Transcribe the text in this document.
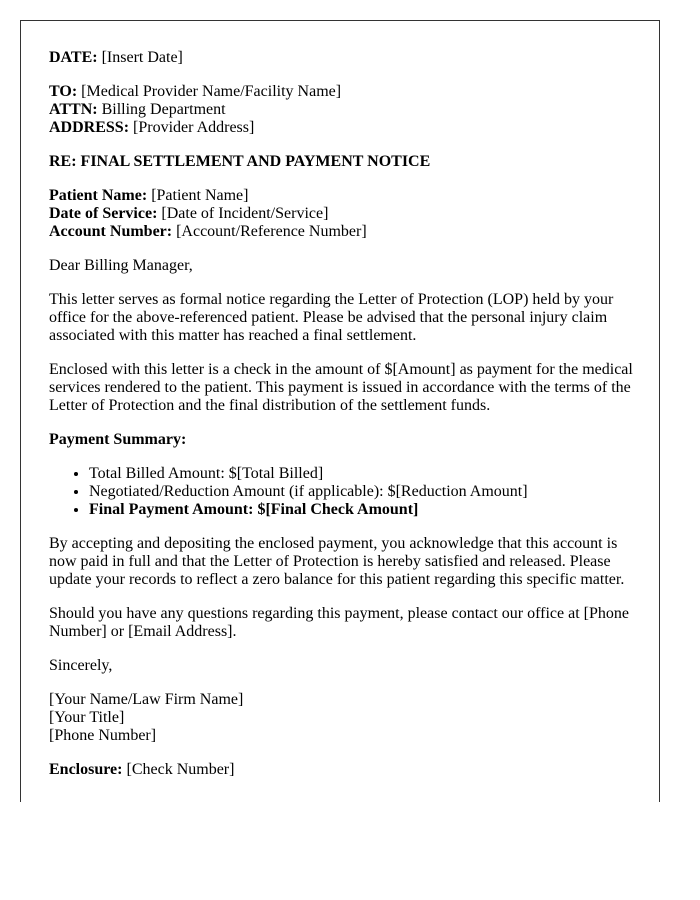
DATE: [Insert Date]

TO: [Medical Provider Name/Facility Name]
ATTN: Billing Department
ADDRESS: [Provider Address]

RE: FINAL SETTLEMENT AND PAYMENT NOTICE

Patient Name: [Patient Name]
Date of Service: [Date of Incident/Service]
Account Number: [Account/Reference Number]

Dear Billing Manager,

This letter serves as formal notice regarding the Letter of Protection (LOP) held by your office for the above-referenced patient. Please be advised that the personal injury claim associated with this matter has reached a final settlement.

Enclosed with this letter is a check in the amount of $[Amount] as payment for the medical services rendered to the patient. This payment is issued in accordance with the terms of the Letter of Protection and the final distribution of the settlement funds.

Payment Summary:

• Total Billed Amount: $[Total Billed]
• Negotiated/Reduction Amount (if applicable): $[Reduction Amount]
• Final Payment Amount: $[Final Check Amount]

By accepting and depositing the enclosed payment, you acknowledge that this account is now paid in full and that the Letter of Protection is hereby satisfied and released. Please update your records to reflect a zero balance for this patient regarding this specific matter.

Should you have any questions regarding this payment, please contact our office at [Phone Number] or [Email Address].

Sincerely,

[Your Name/Law Firm Name]
[Your Title]
[Phone Number]

Enclosure: [Check Number]
